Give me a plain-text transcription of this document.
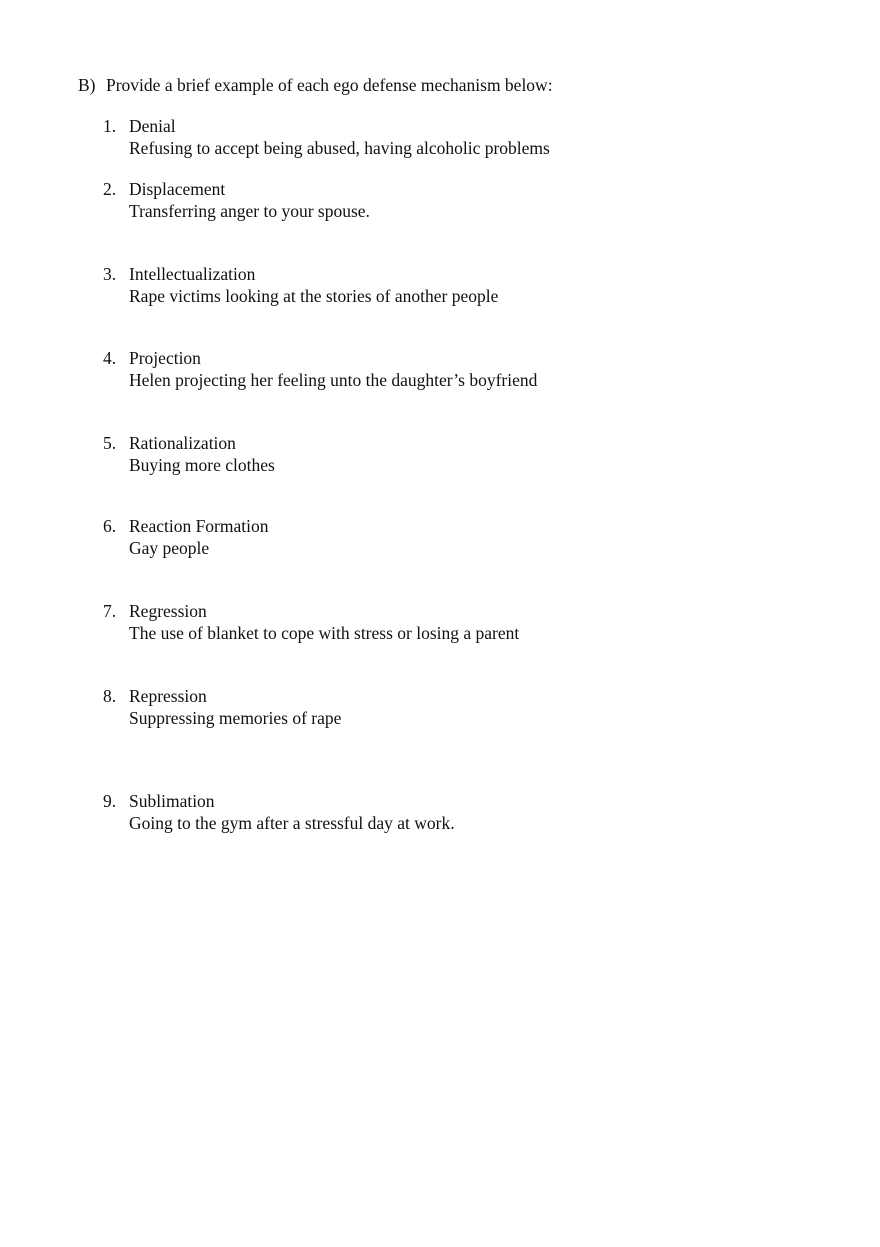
B) Provide a brief example of each ego defense mechanism below:
1. Denial
Refusing to accept being abused, having alcoholic problems
2. Displacement
Transferring anger to your spouse.
3. Intellectualization
Rape victims looking at the stories of another people
4. Projection
Helen projecting her feeling unto the daughter’s boyfriend
5. Rationalization
Buying more clothes
6. Reaction Formation
Gay people
7. Regression
The use of blanket to cope with stress or losing a parent
8. Repression
Suppressing memories of rape
9. Sublimation
Going to the gym after a stressful day at work.
